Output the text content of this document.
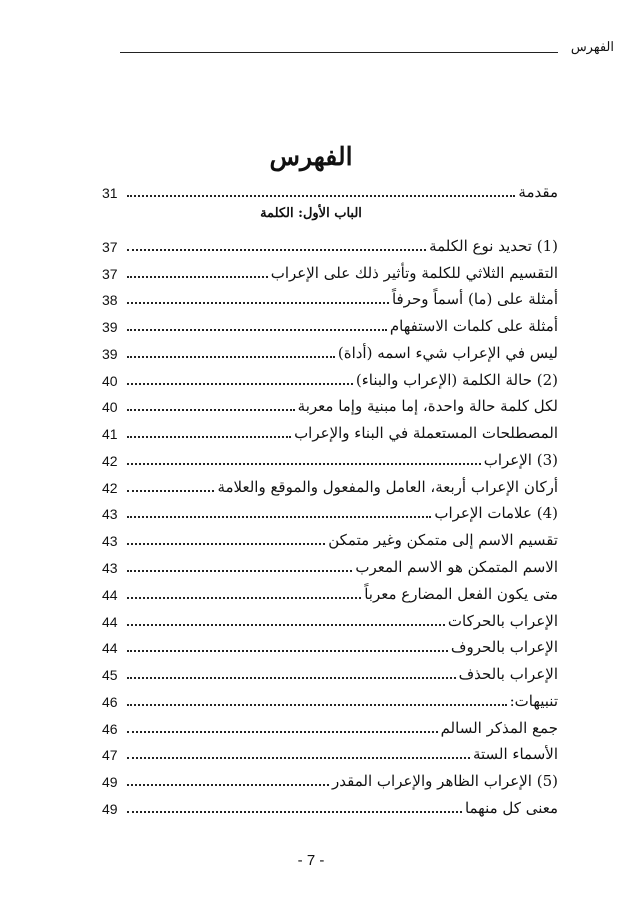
الفهرس
الفهرس
الباب الأول: الكلمة
31	مقدمة
37	(1) تحديد نوع الكلمة
37	التقسيم الثلاثي للكلمة وتأثير ذلك على الإعراب
38	أمثلة على (ما) أسماً وحرفاً
39	أمثلة على كلمات الاستفهام
39	ليس في الإعراب شيء اسمه (أداة)
40	(2) حالة الكلمة (الإعراب والبناء)
40	لكل كلمة حالة واحدة، إما مبنية وإما معربة
41	المصطلحات المستعملة في البناء والإعراب
42	(3) الإعراب
42	أركان الإعراب أربعة، العامل والمفعول والموقع والعلامة
43	(4) علامات الإعراب
43	تقسيم الاسم إلى متمكن وغير متمكن
43	الاسم المتمكن هو الاسم المعرب
44	متى يكون الفعل المضارع معرباً
44	الإعراب بالحركات
44	الإعراب بالحروف
45	الإعراب بالحذف
46	تنبيهات:
46	جمع المذكر السالم
47	الأسماء الستة
49	(5) الإعراب الظاهر والإعراب المقدر
49	معنى كل منهما
- 7 -
